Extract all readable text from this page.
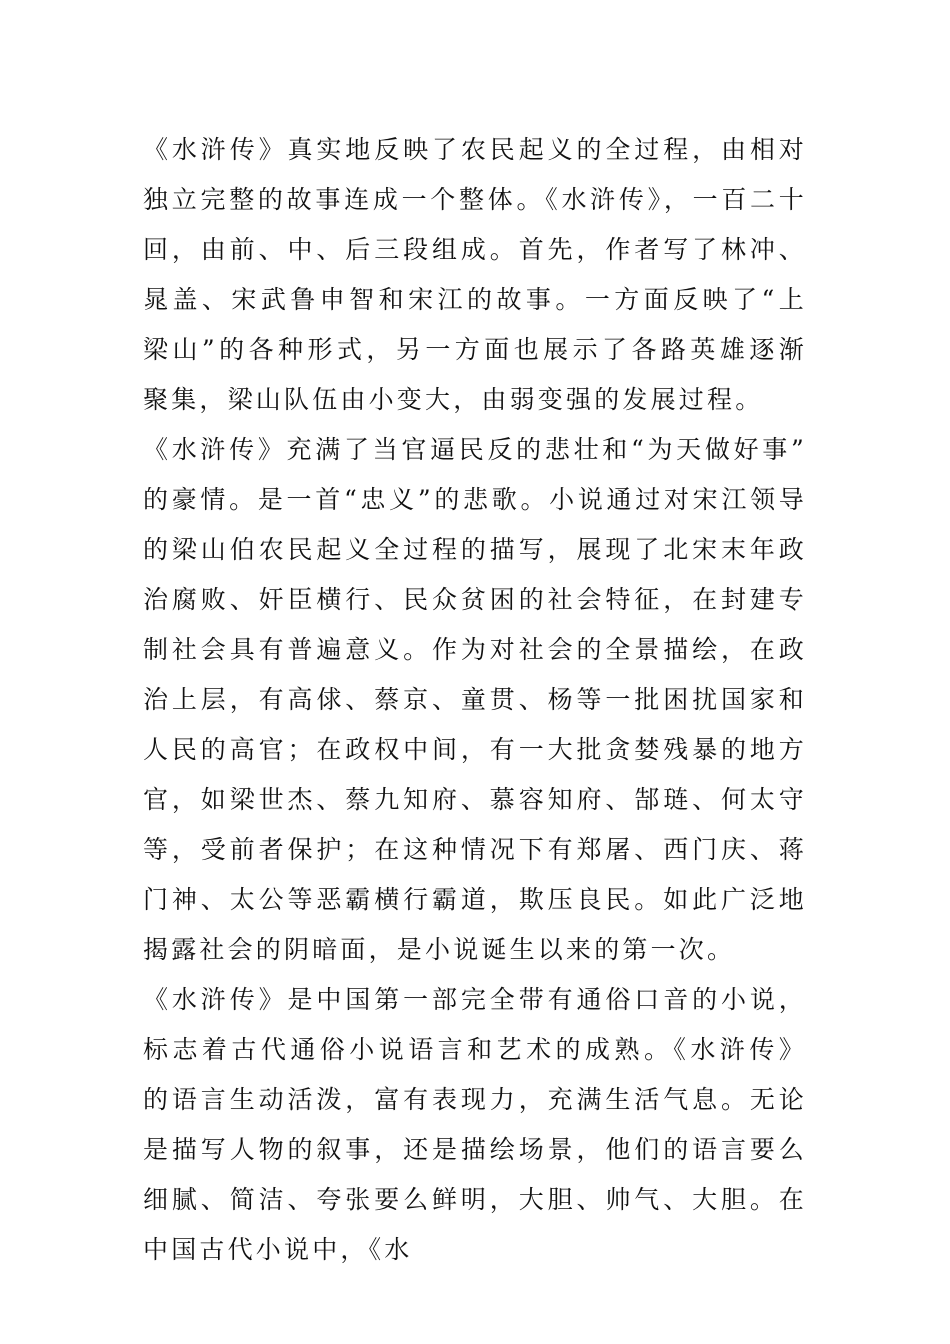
《水浒传》真实地反映了农民起义的全过程，由相对独立完整的故事连成一个整体。《水浒传》，一百二十回，由前、中、后三段组成。首先，作者写了林冲、晁盖、宋武鲁申智和宋江的故事。一方面反映了“上梁山”的各种形式，另一方面也展示了各路英雄逐渐聚集，梁山队伍由小变大，由弱变强的发展过程。

《水浒传》充满了当官逼民反的悲壮和“为天做好事”的豪情。是一首“忠义”的悲歌。小说通过对宋江领导的梁山伯农民起义全过程的描写，展现了北宋末年政治腐败、奸臣横行、民众贫困的社会特征，在封建专制社会具有普遍意义。作为对社会的全景描绘，在政治上层，有高俅、蔡京、童贯、杨等一批困扰国家和人民的高官；在政权中间，有一大批贪婪残暴的地方官，如梁世杰、蔡九知府、慕容知府、郜琏、何太守等，受前者保护；在这种情况下有郑屠、西门庆、蒋门神、太公等恶霸横行霸道，欺压良民。如此广泛地揭露社会的阴暗面，是小说诞生以来的第一次。

《水浒传》是中国第一部完全带有通俗口音的小说，标志着古代通俗小说语言和艺术的成熟。《水浒传》的语言生动活泼，富有表现力，充满生活气息。无论是描写人物的叙事，还是描绘场景，他们的语言要么细腻、简洁、夸张要么鲜明，大胆、帅气、大胆。在中国古代小说中，《水
